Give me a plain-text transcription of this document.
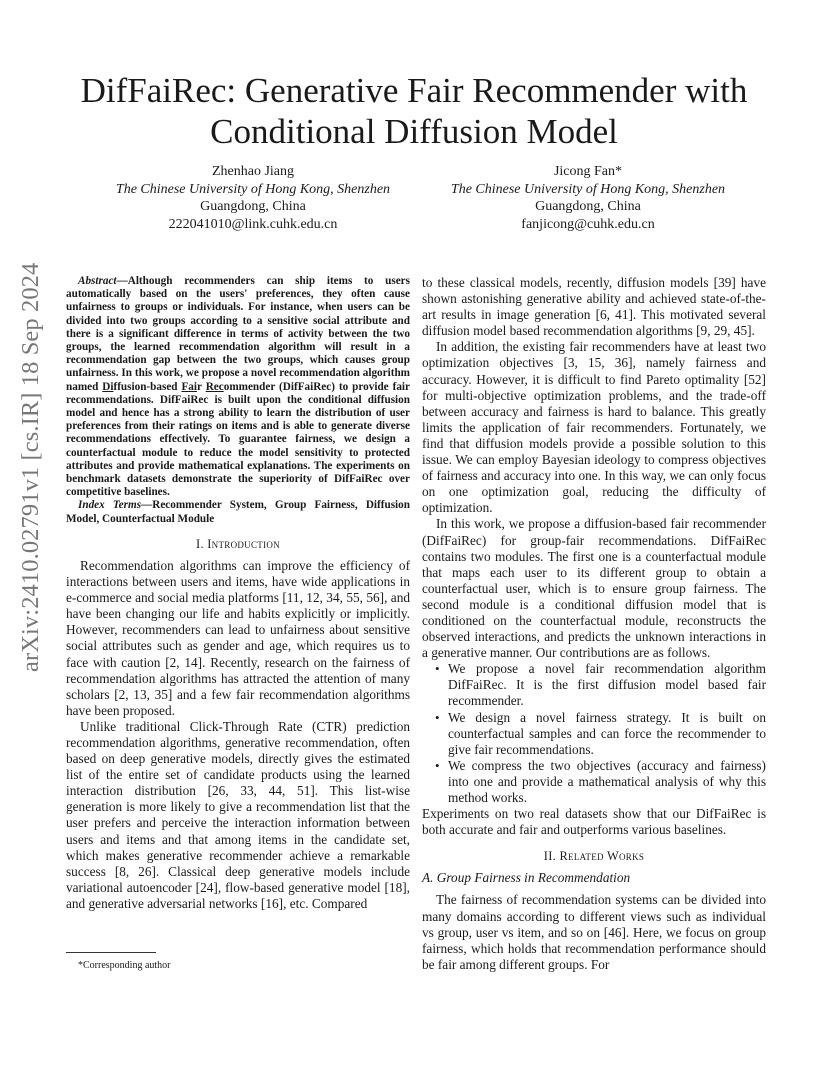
DifFaiRec: Generative Fair Recommender with Conditional Diffusion Model
Zhenhao Jiang
The Chinese University of Hong Kong, Shenzhen
Guangdong, China
222041010@link.cuhk.edu.cn
Jicong Fan*
The Chinese University of Hong Kong, Shenzhen
Guangdong, China
fanjicong@cuhk.edu.cn
arXiv:2410.02791v1 [cs.IR] 18 Sep 2024	Abstract—Although recommenders can ship items to users automatically based on the users' preferences, they often cause unfairness to groups or individuals. For instance, when users can be divided into two groups according to a sensitive social attribute and there is a significant difference in terms of activity between the two groups, the learned recommendation algorithm will result in a recommendation gap between the two groups, which causes group unfairness. In this work, we propose a novel recommendation algorithm named Diffusion-based Fair Recommender (DifFaiRec) to provide fair recommendations. DifFaiRec is built upon the conditional diffusion model and hence has a strong ability to learn the distribution of user preferences from their ratings on items and is able to generate diverse recommendations effectively. To guarantee fairness, we design a counterfactual module to reduce the model sensitivity to protected attributes and provide mathematical explanations. The experiments on benchmark datasets demonstrate the superiority of DifFaiRec over competitive baselines.

Index Terms—Recommender System, Group Fairness, Diffusion Model, Counterfactual Module

I. Introduction

Recommendation algorithms can improve the efficiency of interactions between users and items, have wide applications in e-commerce and social media platforms [11, 12, 34, 55, 56], and have been changing our life and habits explicitly or implicitly. However, recommenders can lead to unfairness about sensitive social attributes such as gender and age, which requires us to face with caution [2, 14]. Recently, research on the fairness of recommendation algorithms has attracted the attention of many scholars [2, 13, 35] and a few fair recommendation algorithms have been proposed.

Unlike traditional Click-Through Rate (CTR) prediction recommendation algorithms, generative recommendation, often based on deep generative models, directly gives the estimated list of the entire set of candidate products using the learned interaction distribution [26, 33, 44, 51]. This list-wise generation is more likely to give a recommendation list that the user prefers and perceive the interaction information between users and items and that among items in the candidate set, which makes generative recommender achieve a remarkable success [8, 26]. Classical deep generative models include variational autoencoder [24], flow-based generative model [18], and generative adversarial networks [16], etc. Compared

*Corresponding author

to these classical models, recently, diffusion models [39] have shown astonishing generative ability and achieved state-of-the-art results in image generation [6, 41]. This motivated several diffusion model based recommendation algorithms [9, 29, 45].

In addition, the existing fair recommenders have at least two optimization objectives [3, 15, 36], namely fairness and accuracy. However, it is difficult to find Pareto optimality [52] for multi-objective optimization problems, and the trade-off between accuracy and fairness is hard to balance. This greatly limits the application of fair recommenders. Fortunately, we find that diffusion models provide a possible solution to this issue. We can employ Bayesian ideology to compress objectives of fairness and accuracy into one. In this way, we can only focus on one optimization goal, reducing the difficulty of optimization.

In this work, we propose a diffusion-based fair recommender (DifFaiRec) for group-fair recommendations. DifFaiRec contains two modules. The first one is a counterfactual module that maps each user to its different group to obtain a counterfactual user, which is to ensure group fairness. The second module is a conditional diffusion model that is conditioned on the counterfactual module, reconstructs the observed interactions, and predicts the unknown interactions in a generative manner. Our contributions are as follows.

• We propose a novel fair recommendation algorithm DifFaiRec. It is the first diffusion model based fair recommender.
• We design a novel fairness strategy. It is built on counterfactual samples and can force the recommender to give fair recommendations.
• We compress the two objectives (accuracy and fairness) into one and provide a mathematical analysis of why this method works.

Experiments on two real datasets show that our DifFaiRec is both accurate and fair and outperforms various baselines.

II. Related Works
A. Group Fairness in Recommendation

The fairness of recommendation systems can be divided into many domains according to different views such as individual vs group, user vs item, and so on [46]. Here, we focus on group fairness, which holds that recommendation performance should be fair among different groups. For
